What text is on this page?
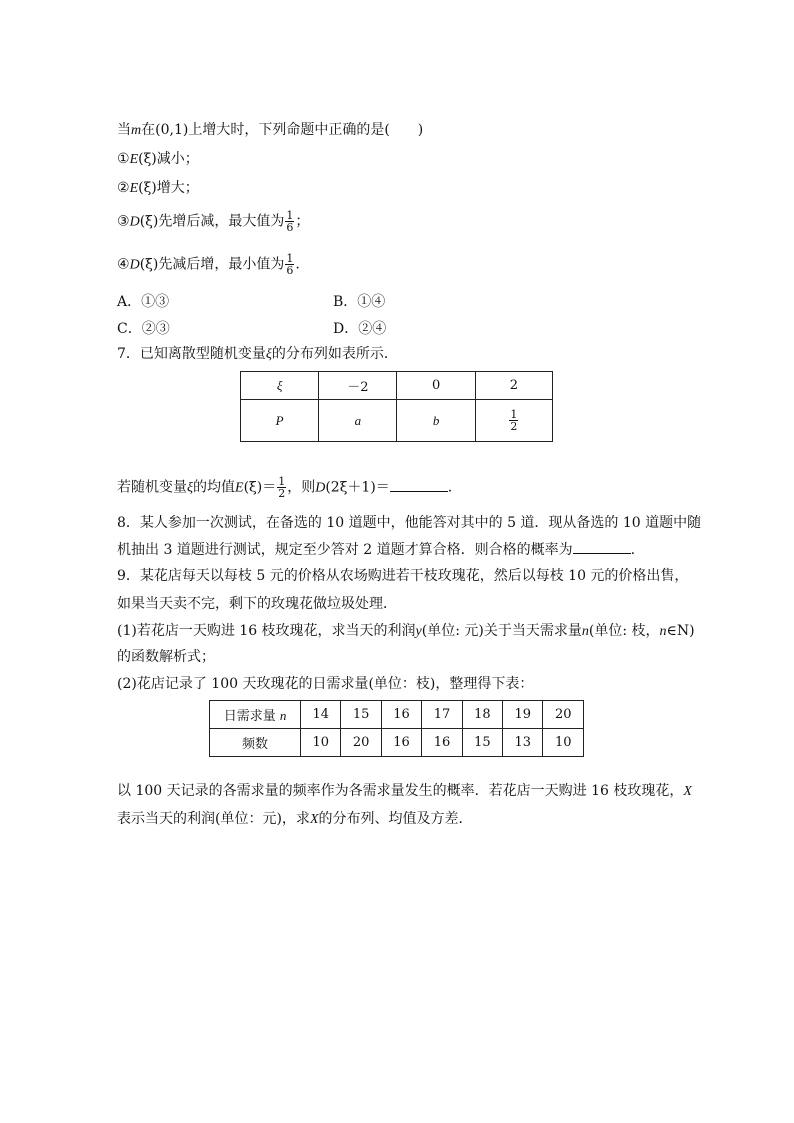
当m在(0,1)上增大时，下列命题中正确的是(　　)
①E(ξ)减小；
②E(ξ)增大；
③D(ξ)先增后减，最大值为 $\frac{1}{6}$ ；
④D(ξ)先减后增，最小值为 $\frac{1}{6}$ .
A．①③	B．①④
C．②③	D．②④
7．已知离散型随机变量ξ的分布列如表所示．
ξ	－2	0	2
P	a	b	$\frac{1}{2}$
若随机变量ξ的均值$E(\xi)= \frac{1}{2}$ ，则D(2ξ＋1)＝	.
8．某人参加一次测试，在备选的 10 道题中，他能答对其中的 5 道．现从备选的 10 道题中随
机抽出 3 道题进行测试，规定至少答对 2 道题才算合格．则合格的概率为	.
9．某花店每天以每枝 5 元的价格从农场购进若干枝玫瑰花，然后以每枝 10 元的价格出售，
如果当天卖不完，剩下的玫瑰花做垃圾处理．
(1)若花店一天购进 16 枝玫瑰花，求当天的利润y(单位: 元)关于当天需求量n(单位: 枝，n∈N)
的函数解析式；
(2)花店记录了 100 天玫瑰花的日需求量(单位：枝)，整理得下表：
日需求量 n	14	15	16	17	18	19	20
频数	10	20	16	16	15	13	10
以 100 天记录的各需求量的频率作为各需求量发生的概率．若花店一天购进 16 枝玫瑰花，X
表示当天的利润(单位：元)，求X的分布列、均值及方差．
